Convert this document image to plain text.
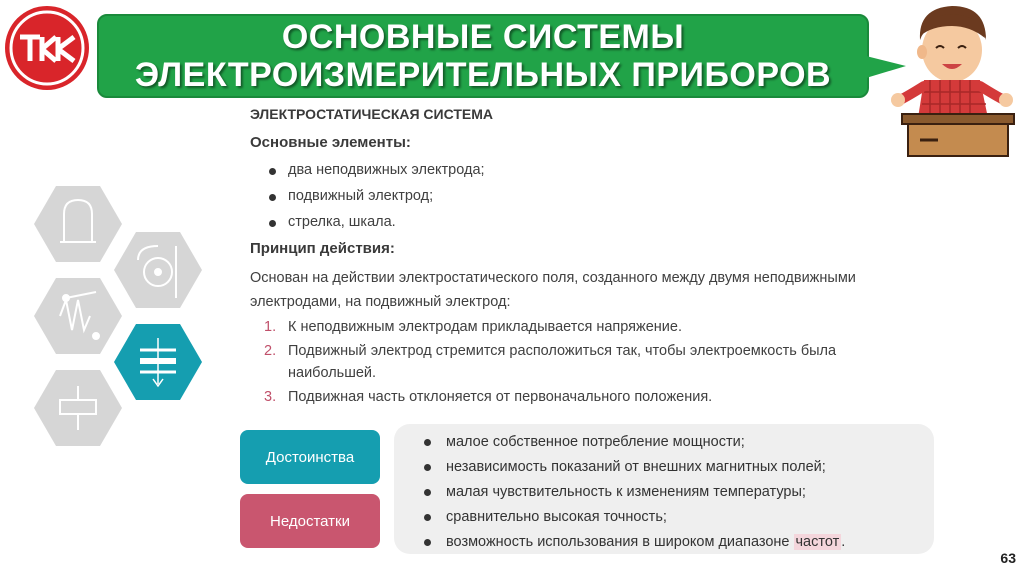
ОСНОВНЫЕ СИСТЕМЫ
ЭЛЕКТРОИЗМЕРИТЕЛЬНЫХ ПРИБОРОВ
ЭЛЕКТРОСТАТИЧЕСКАЯ СИСТЕМА
Основные элементы:
два неподвижных электрода;
подвижный электрод;
стрелка, шкала.
Принцип действия:
Основан на действии электростатического поля, созданного между двумя неподвижными электродами, на подвижный электрод:
1. К неподвижным электродам прикладывается напряжение.
2. Подвижный электрод стремится расположиться так, чтобы электроемкость была наибольшей.
3. Подвижная часть отклоняется от первоначального положения.
Достоинства
Недостатки
малое собственное потребление мощности;
независимость показаний от внешних магнитных полей;
малая чувствительность к изменениям температуры;
сравнительно высокая точность;
возможность использования в широком диапазоне частот .
63
